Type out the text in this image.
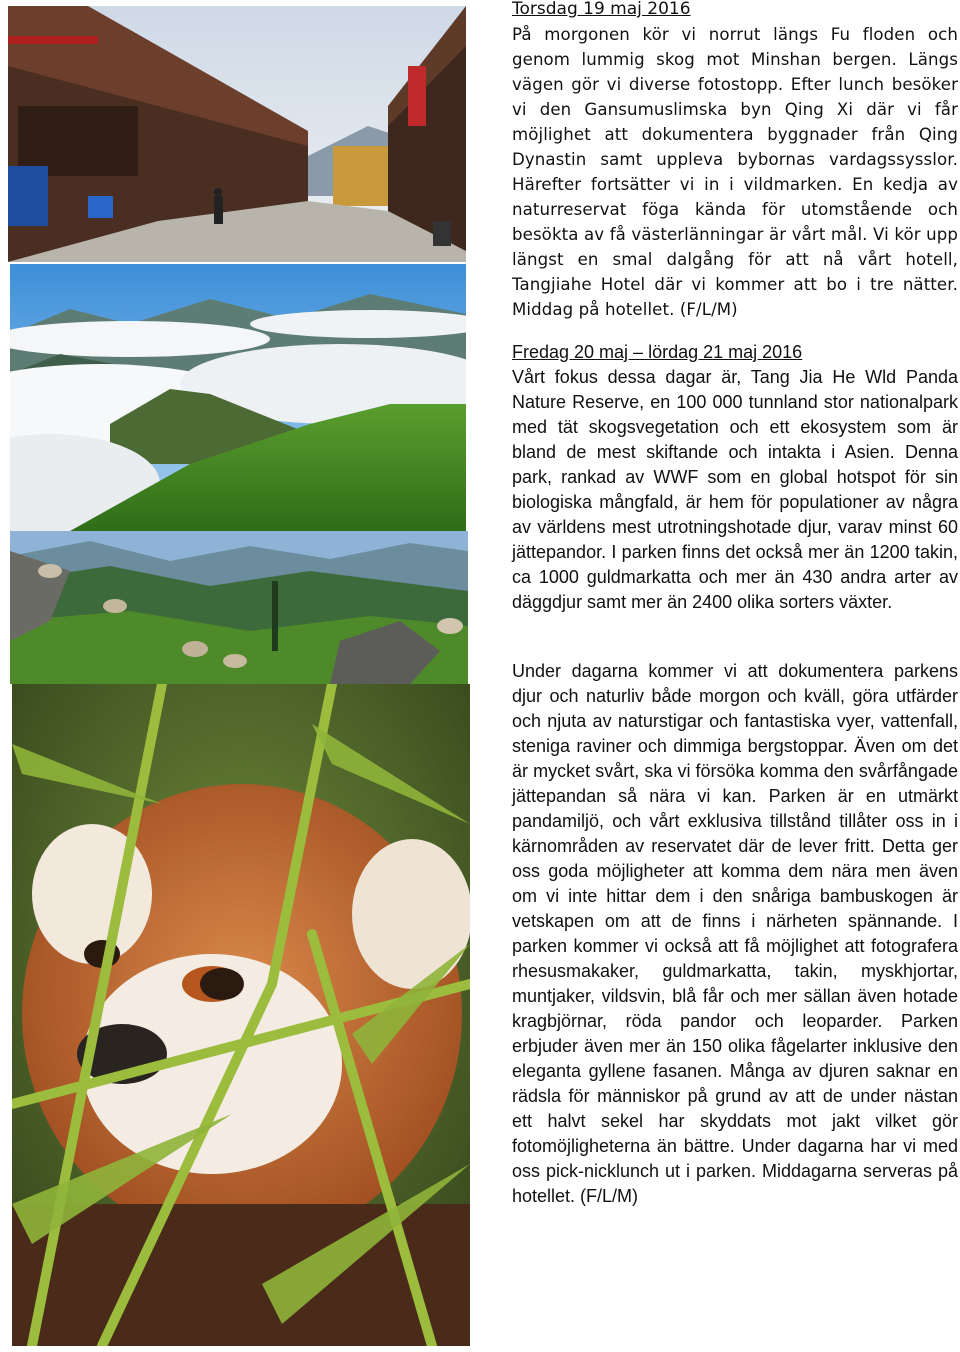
Torsdag 19 maj 2016

På morgonen kör vi norrut längs Fu floden och genom lummig skog mot Minshan bergen. Längs vägen gör vi diverse fotostopp. Efter lunch besöker vi den Gansumuslimska byn Qing Xi där vi får möjlighet att dokumentera byggnader från Qing Dynastin samt uppleva bybornas vardagssysslor. Härefter fortsätter vi in i vildmarken. En kedja av naturreservat föga kända för utomstående och besökta av få västerlänningar är vårt mål. Vi kör upp längst en smal dalgång för att nå vårt hotell, Tangjiahe Hotel där vi kommer att bo i tre nätter. Middag på hotellet. (F/L/M)

Fredag 20 maj – lördag 21 maj 2016

Vårt fokus dessa dagar är, Tang Jia He Wld Panda Nature Reserve, en 100 000 tunnland stor nationalpark med tät skogsvegetation och ett ekosystem som är bland de mest skiftande och intakta i Asien. Denna park, rankad av WWF som en global hotspot för sin biologiska mångfald, är hem för populationer av några av världens mest utrotningshotade djur, varav minst 60 jättepandor. I parken finns det också mer än 1200 takin, ca 1000 guldmarkatta och mer än 430 andra arter av däggdjur samt mer än 2400 olika sorters växter.

Under dagarna kommer vi att dokumentera parkens djur och naturliv både morgon och kväll, göra utfärder och njuta av naturstigar och fantastiska vyer, vattenfall, steniga raviner och dimmiga bergstoppar. Även om det är mycket svårt, ska vi försöka komma den svårfångade jättepandan så nära vi kan. Parken är en utmärkt pandamiljö, och vårt exklusiva tillstånd tillåter oss in i kärnområden av reservatet där de lever fritt. Detta ger oss goda möjligheter att komma dem nära men även om vi inte hittar dem i den snåriga bambuskogen är vetskapen om att de finns i närheten spännande. I parken kommer vi också att få möjlighet att fotografera rhesusmakaker, guldmarkatta, takin, myskhjortar, muntjaker, vildsvin, blå får och mer sällan även hotade kragbjörnar, röda pandor och leoparder. Parken erbjuder även mer än 150 olika fågelarter inklusive den eleganta gyllene fasanen. Många av djuren saknar en rädsla för människor på grund av att de under nästan ett halvt sekel har skyddats mot jakt vilket gör fotomöjligheterna än bättre. Under dagarna har vi med oss pick-nicklunch ut i parken. Middagarna serveras på hotellet. (F/L/M)
